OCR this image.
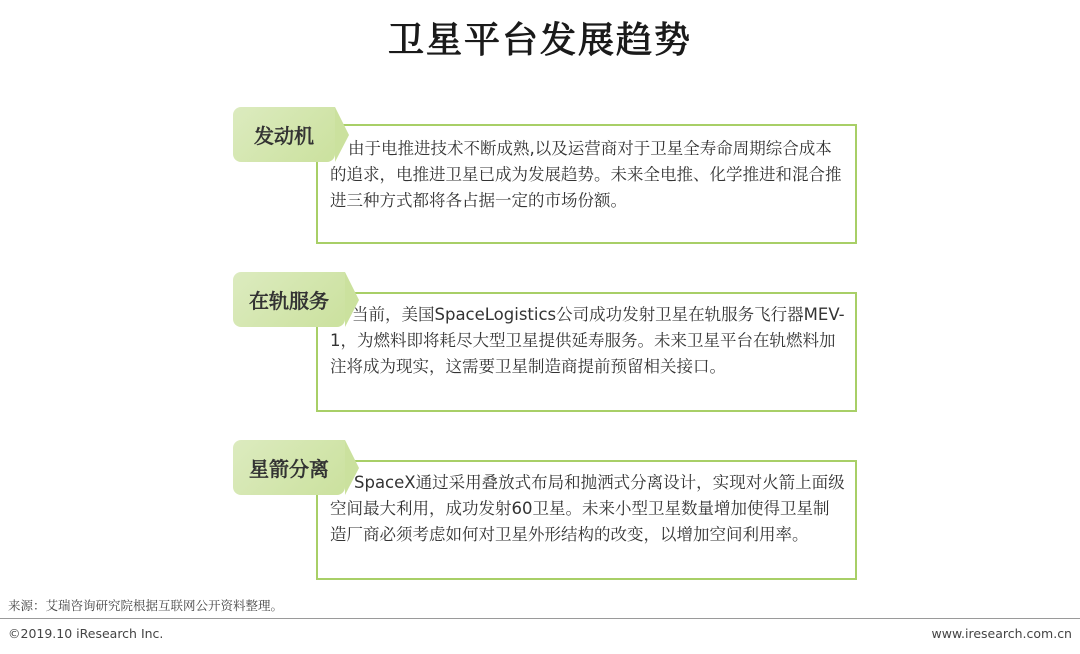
卫星平台发展趋势
由于电推进技术不断成熟,以及运营商对于卫星全寿命周期综合成本的追求，电推进卫星已成为发展趋势。未来全电推、化学推进和混合推进三种方式都将各占据一定的市场份额。
发动机
当前，美国SpaceLogistics公司成功发射卫星在轨服务飞行器MEV-1，为燃料即将耗尽大型卫星提供延寿服务。未来卫星平台在轨燃料加注将成为现实，这需要卫星制造商提前预留相关接口。
在轨服务
SpaceX通过采用叠放式布局和抛洒式分离设计，实现对火箭上面级空间最大利用，成功发射60卫星。未来小型卫星数量增加使得卫星制造厂商必须考虑如何对卫星外形结构的改变，以增加空间利用率。
星箭分离
来源：艾瑞咨询研究院根据互联网公开资料整理。
©2019.10 iResearch Inc.	www.iresearch.com.cn
